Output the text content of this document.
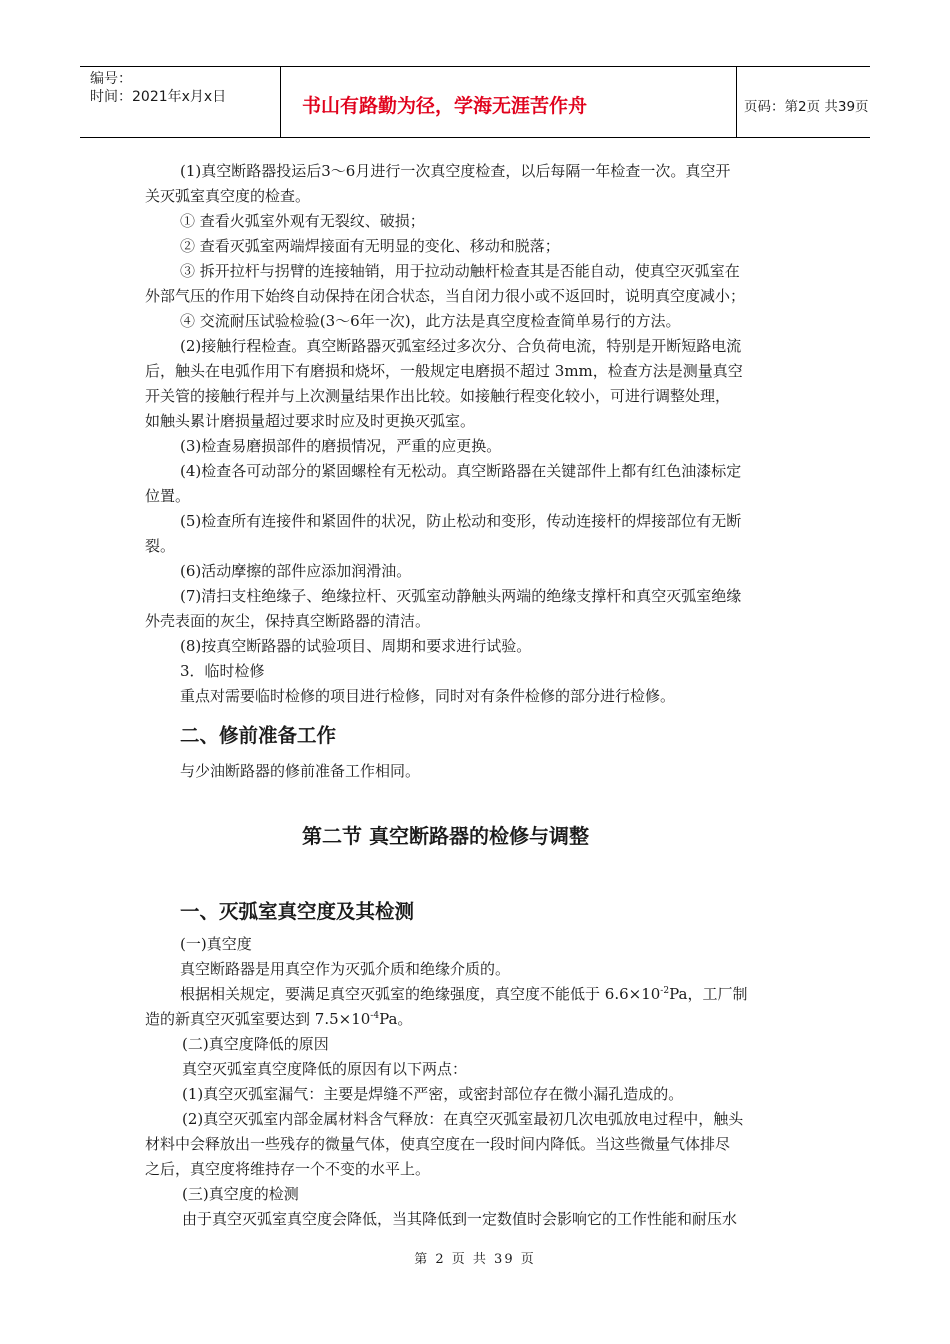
编号：
时间：2021年x月x日	书山有路勤为径，学海无涯苦作舟	页码：第2页 共39页
(1)真空断路器投运后3～6月进行一次真空度检查，以后每隔一年检查一次。真空开
关灭弧室真空度的检查。
① 查看火弧室外观有无裂纹、破损；
② 查看灭弧室两端焊接面有无明显的变化、移动和脱落；
③ 拆开拉杆与拐臂的连接轴销，用于拉动动触杆检查其是否能自动，使真空灭弧室在
外部气压的作用下始终自动保持在闭合状态，当自闭力很小或不返回时，说明真空度减小；
④ 交流耐压试验检验(3～6年一次)，此方法是真空度检查简单易行的方法。
(2)接触行程检查。真空断路器灭弧室经过多次分、合负荷电流，特别是开断短路电流
后，触头在电弧作用下有磨损和烧坏，一般规定电磨损不超过 3mm，检查方法是测量真空
开关管的接触行程并与上次测量结果作出比较。如接触行程变化较小，可进行调整处理，
如触头累计磨损量超过要求时应及时更换灭弧室。
(3)检查易磨损部件的磨损情况，严重的应更换。
(4)检查各可动部分的紧固螺栓有无松动。真空断路器在关键部件上都有红色油漆标定
位置。
(5)检查所有连接件和紧固件的状况，防止松动和变形，传动连接杆的焊接部位有无断
裂。
(6)活动摩擦的部件应添加润滑油。
(7)清扫支柱绝缘子、绝缘拉杆、灭弧室动静触头两端的绝缘支撑杆和真空灭弧室绝缘
外壳表面的灰尘，保持真空断路器的清洁。
(8)按真空断路器的试验项目、周期和要求进行试验。
3．临时检修
重点对需要临时检修的项目进行检修，同时对有条件检修的部分进行检修。
二、修前准备工作
与少油断路器的修前准备工作相同。
第二节 真空断路器的检修与调整
一、灭弧室真空度及其检测
(一)真空度
真空断路器是用真空作为灭弧介质和绝缘介质的。
根据相关规定，要满足真空灭弧室的绝缘强度，真空度不能低于 $6.6\times 10^{-2}Pa$，工厂制
造的新真空灭弧室要达到 $7.5\times 10^{-4}Pa$。
(二)真空度降低的原因
真空灭弧室真空度降低的原因有以下两点：
(1)真空灭弧室漏气：主要是焊缝不严密，或密封部位存在微小漏孔造成的。
(2)真空灭弧室内部金属材料含气释放：在真空灭弧室最初几次电弧放电过程中，触头
材料中会释放出一些残存的微量气体，使真空度在一段时间内降低。当这些微量气体排尽
之后，真空度将维持存一个不变的水平上。
(三)真空度的检测
由于真空灭弧室真空度会降低，当其降低到一定数值时会影响它的工作性能和耐压水
第 2 页 共 39 页
